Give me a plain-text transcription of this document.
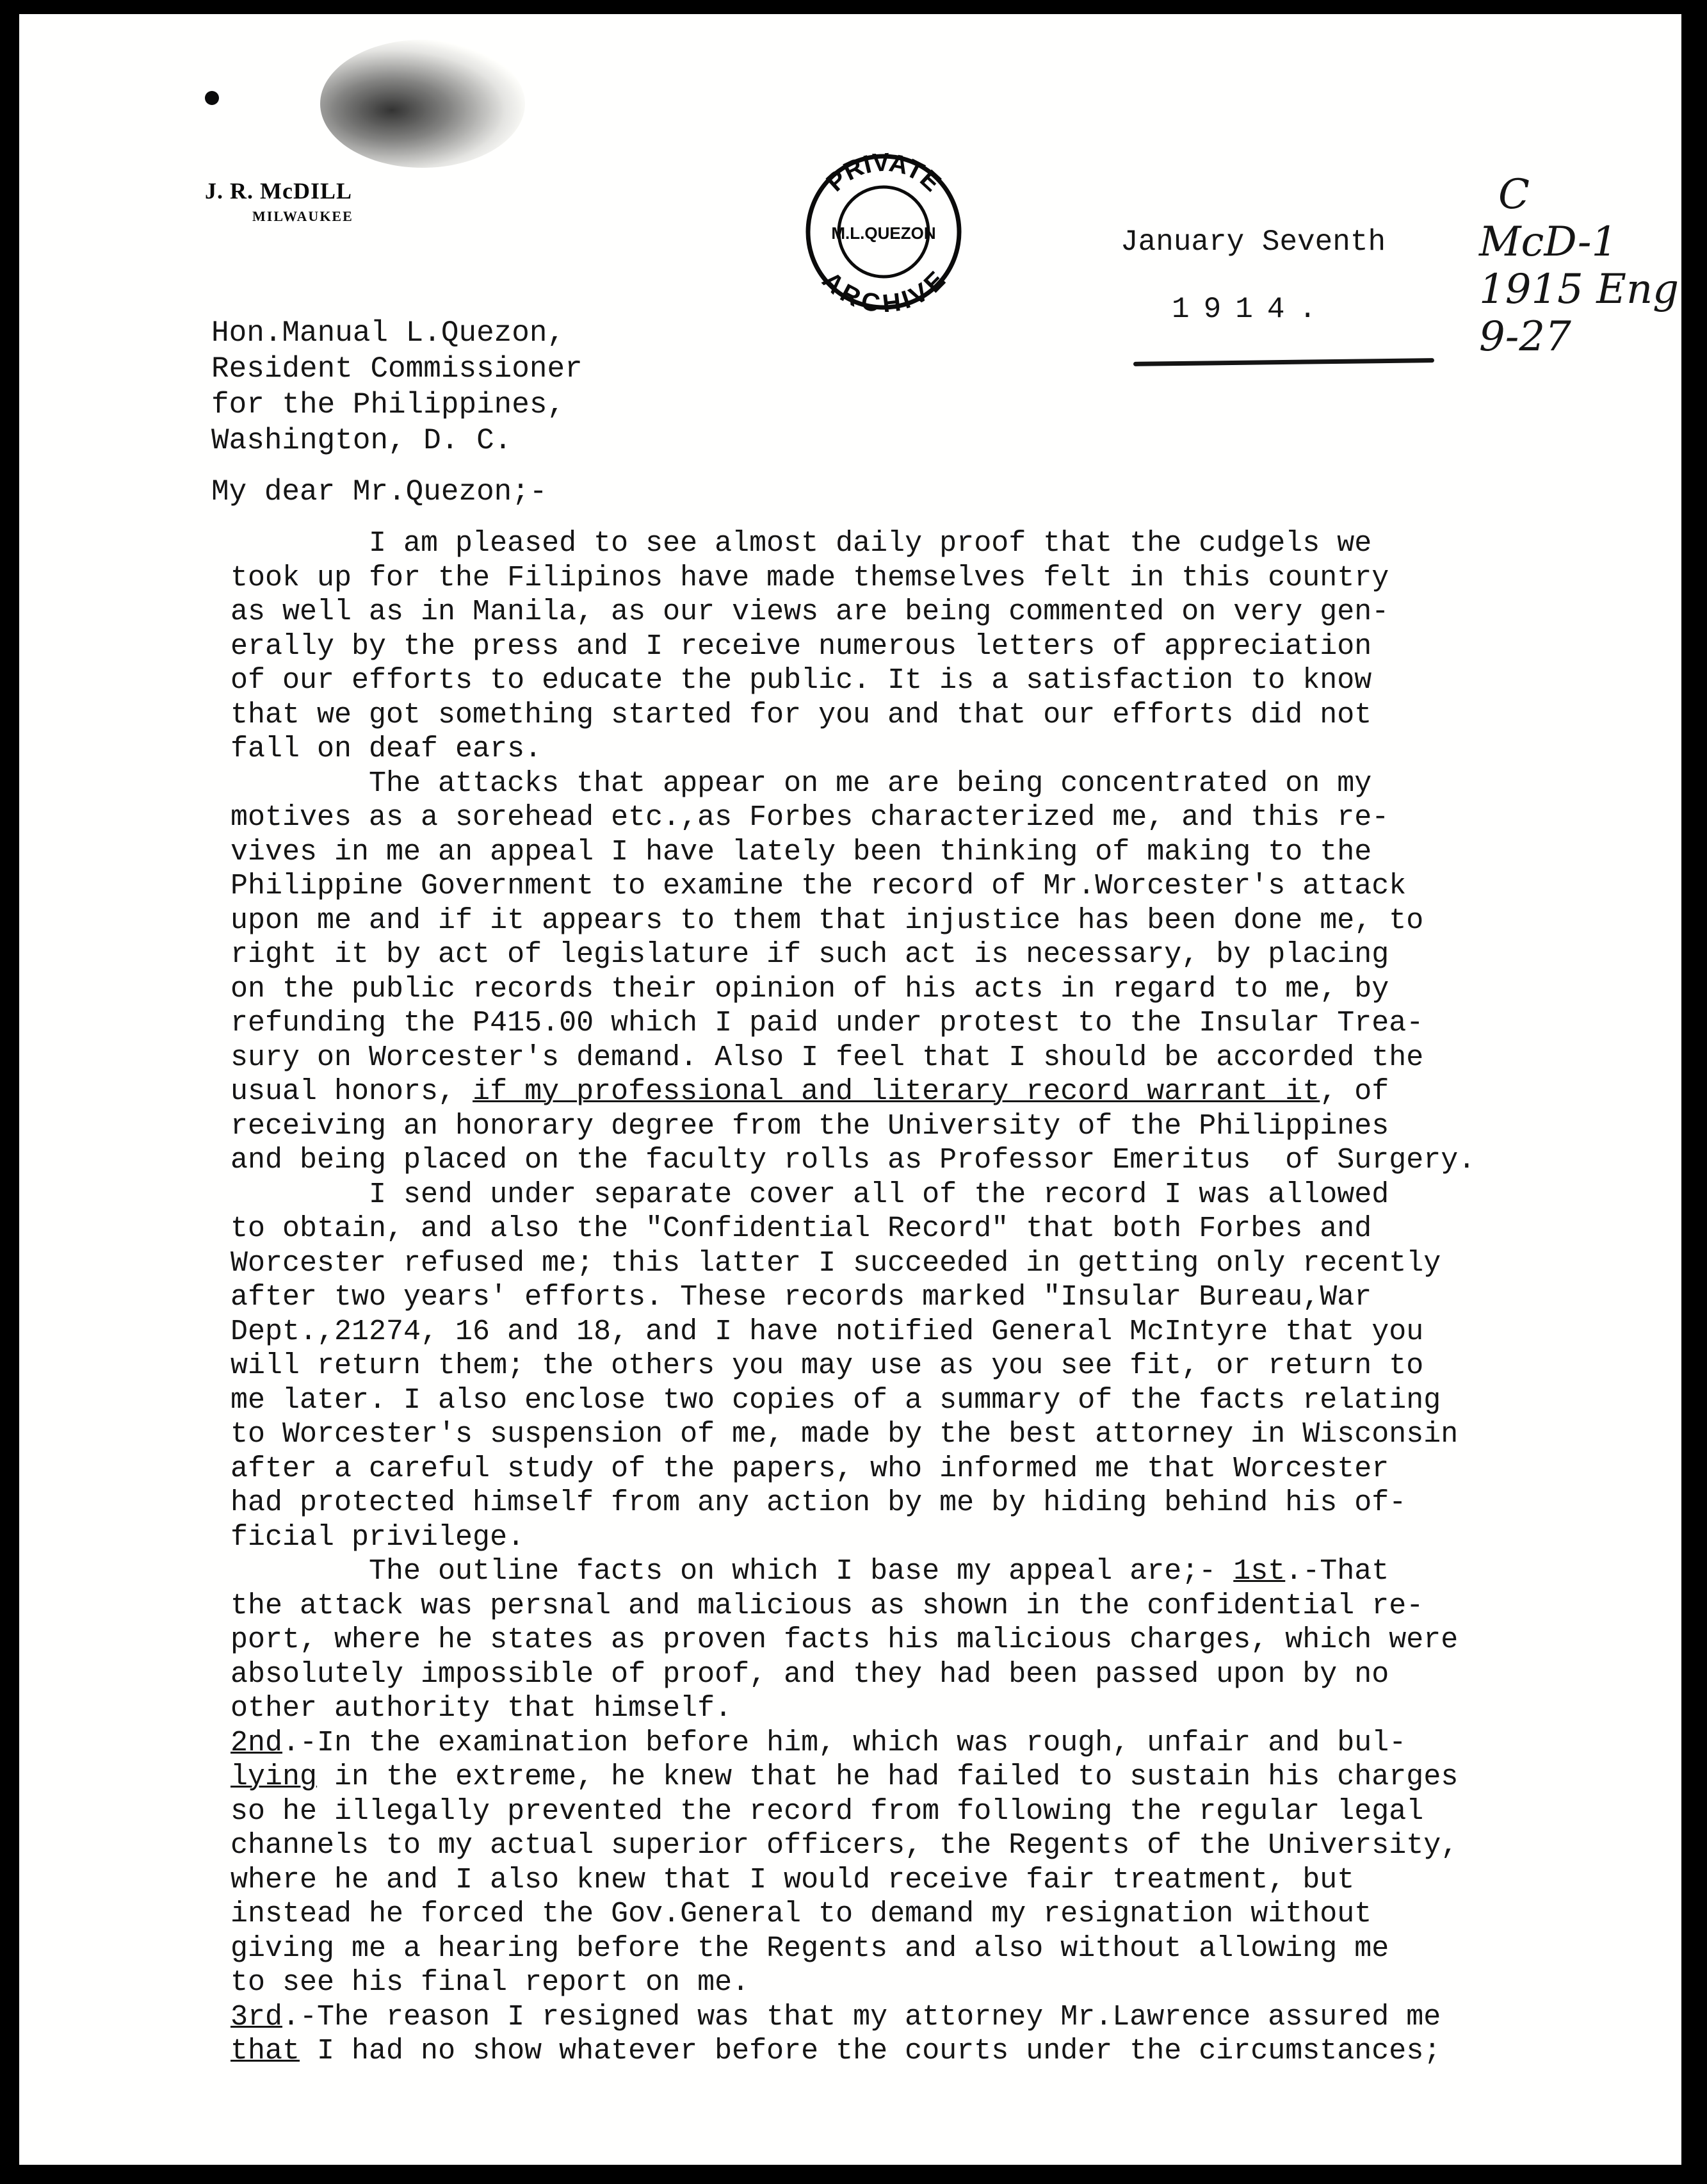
J. R. McDILL
MILWAUKEE
PRIVATE
ARCHIVE
M.L.QUEZON	January Seventh
1914.
C
McD-1
1915 Eng
9-27
Hon.Manual L.Quezon,
Resident Commissioner
for the Philippines,
Washington, D. C.
My dear Mr.Quezon;-
I am pleased to see almost daily proof that the cudgels we
took up for the Filipinos have made themselves felt in this country
as well as in Manila, as our views are being commented on very gen-
erally by the press and I receive numerous letters of appreciation
of our efforts to educate the public. It is a satisfaction to know
that we got something started for you and that our efforts did not
fall on deaf ears.
The attacks that appear on me are being concentrated on my
motives as a sorehead etc.,as Forbes characterized me, and this re-
vives in me an appeal I have lately been thinking of making to the
Philippine Government to examine the record of Mr.Worcester's attack
upon me and if it appears to them that injustice has been done me, to
right it by act of legislature if such act is necessary, by placing
on the public records their opinion of his acts in regard to me, by
refunding the P415.00 which I paid under protest to the Insular Trea-
sury on Worcester's demand. Also I feel that I should be accorded the
usual honors, if my professional and literary record warrant it, of
receiving an honorary degree from the University of the Philippines
and being placed on the faculty rolls as Professor Emeritus  of Surgery.
I send under separate cover all of the record I was allowed
to obtain, and also the "Confidential Record" that both Forbes and
Worcester refused me; this latter I succeeded in getting only recently
after two years' efforts. These records marked "Insular Bureau,War
Dept.,21274, 16 and 18, and I have notified General McIntyre that you
will return them; the others you may use as you see fit, or return to
me later. I also enclose two copies of a summary of the facts relating
to Worcester's suspension of me, made by the best attorney in Wisconsin
after a careful study of the papers, who informed me that Worcester
had protected himself from any action by me by hiding behind his of-
ficial privilege.
The outline facts on which I base my appeal are;- 1st.-That
the attack was persnal and malicious as shown in the confidential re-
port, where he states as proven facts his malicious charges, which were
absolutely impossible of proof, and they had been passed upon by no
other authority that himself.
2nd.-In the examination before him, which was rough, unfair and bul-
lying in the extreme, he knew that he had failed to sustain his charges
so he illegally prevented the record from following the regular legal
channels to my actual superior officers, the Regents of the University,
where he and I also knew that I would receive fair treatment, but
instead he forced the Gov.General to demand my resignation without
giving me a hearing before the Regents and also without allowing me
to see his final report on me.
3rd.-The reason I resigned was that my attorney Mr.Lawrence assured me
that I had no show whatever before the courts under the circumstances;
